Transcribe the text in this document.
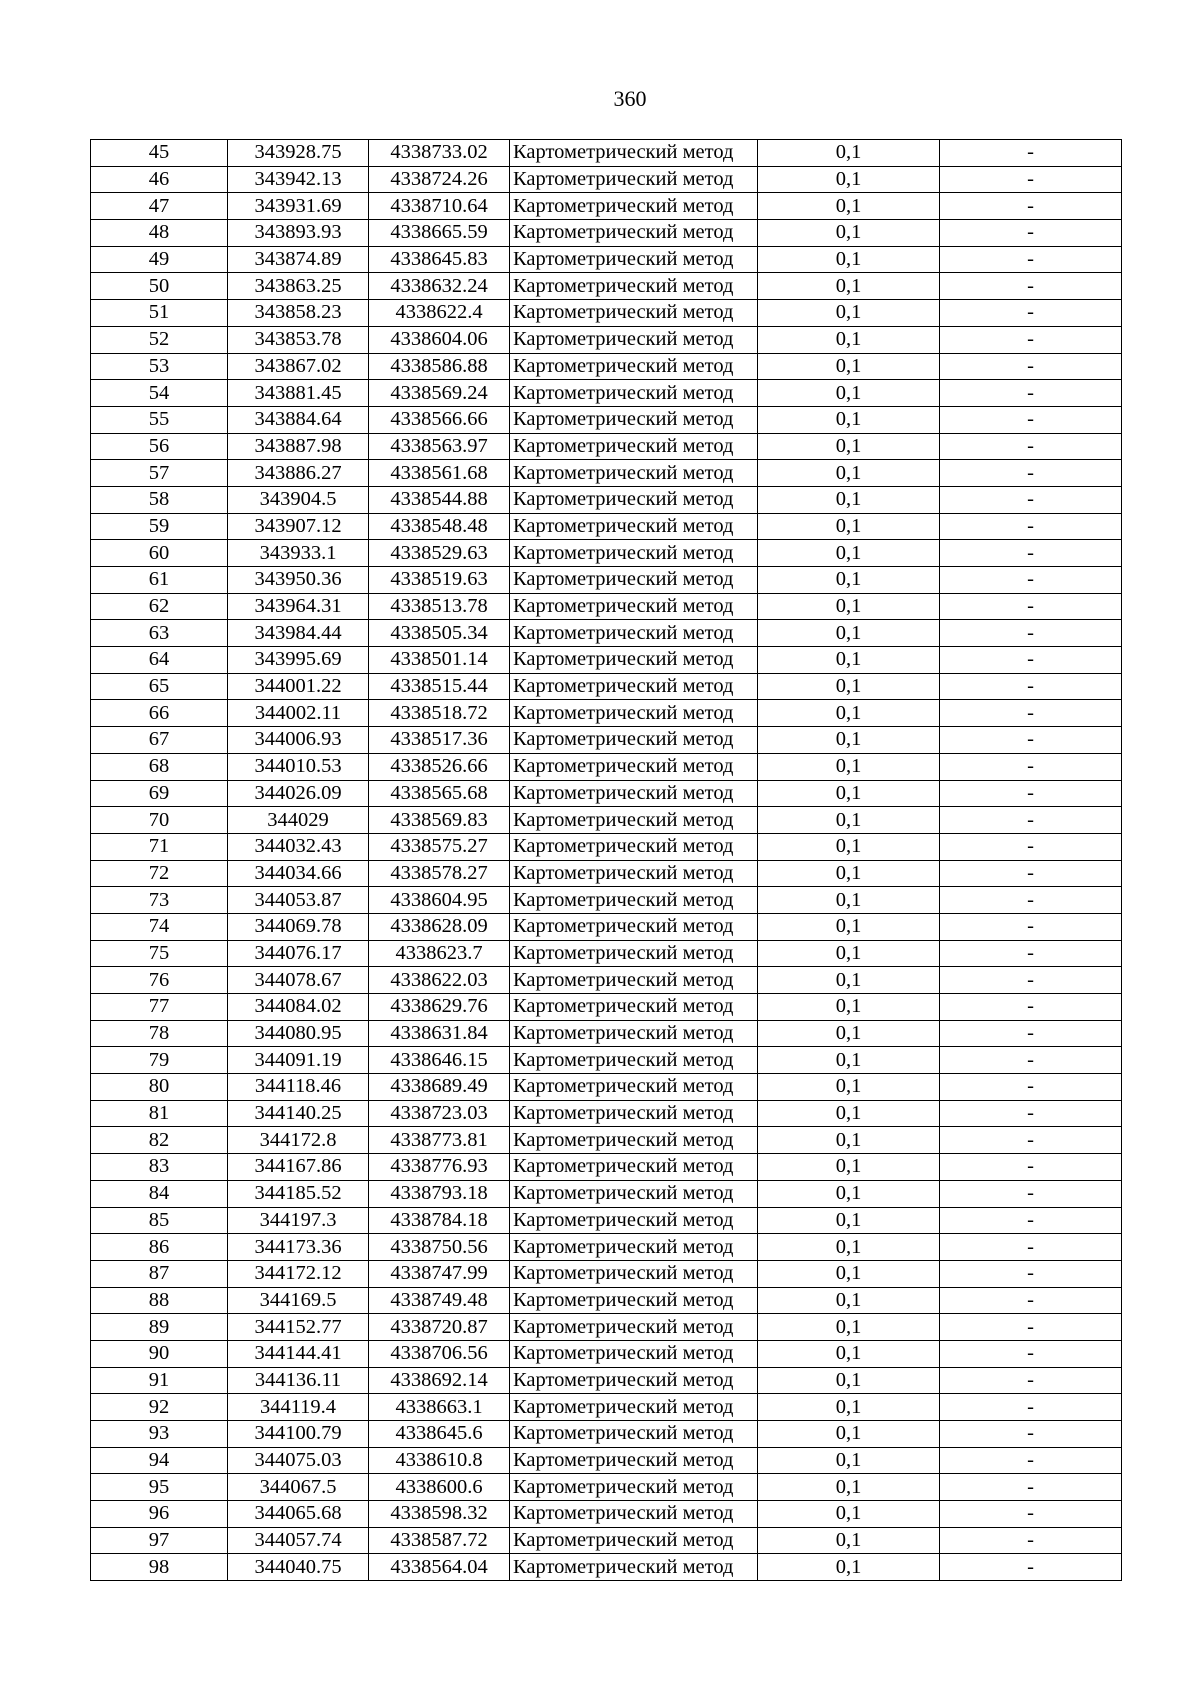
360
45	343928.75	4338733.02	Картометрический метод	0,1	-
46	343942.13	4338724.26	Картометрический метод	0,1	-
47	343931.69	4338710.64	Картометрический метод	0,1	-
48	343893.93	4338665.59	Картометрический метод	0,1	-
49	343874.89	4338645.83	Картометрический метод	0,1	-
50	343863.25	4338632.24	Картометрический метод	0,1	-
51	343858.23	4338622.4	Картометрический метод	0,1	-
52	343853.78	4338604.06	Картометрический метод	0,1	-
53	343867.02	4338586.88	Картометрический метод	0,1	-
54	343881.45	4338569.24	Картометрический метод	0,1	-
55	343884.64	4338566.66	Картометрический метод	0,1	-
56	343887.98	4338563.97	Картометрический метод	0,1	-
57	343886.27	4338561.68	Картометрический метод	0,1	-
58	343904.5	4338544.88	Картометрический метод	0,1	-
59	343907.12	4338548.48	Картометрический метод	0,1	-
60	343933.1	4338529.63	Картометрический метод	0,1	-
61	343950.36	4338519.63	Картометрический метод	0,1	-
62	343964.31	4338513.78	Картометрический метод	0,1	-
63	343984.44	4338505.34	Картометрический метод	0,1	-
64	343995.69	4338501.14	Картометрический метод	0,1	-
65	344001.22	4338515.44	Картометрический метод	0,1	-
66	344002.11	4338518.72	Картометрический метод	0,1	-
67	344006.93	4338517.36	Картометрический метод	0,1	-
68	344010.53	4338526.66	Картометрический метод	0,1	-
69	344026.09	4338565.68	Картометрический метод	0,1	-
70	344029	4338569.83	Картометрический метод	0,1	-
71	344032.43	4338575.27	Картометрический метод	0,1	-
72	344034.66	4338578.27	Картометрический метод	0,1	-
73	344053.87	4338604.95	Картометрический метод	0,1	-
74	344069.78	4338628.09	Картометрический метод	0,1	-
75	344076.17	4338623.7	Картометрический метод	0,1	-
76	344078.67	4338622.03	Картометрический метод	0,1	-
77	344084.02	4338629.76	Картометрический метод	0,1	-
78	344080.95	4338631.84	Картометрический метод	0,1	-
79	344091.19	4338646.15	Картометрический метод	0,1	-
80	344118.46	4338689.49	Картометрический метод	0,1	-
81	344140.25	4338723.03	Картометрический метод	0,1	-
82	344172.8	4338773.81	Картометрический метод	0,1	-
83	344167.86	4338776.93	Картометрический метод	0,1	-
84	344185.52	4338793.18	Картометрический метод	0,1	-
85	344197.3	4338784.18	Картометрический метод	0,1	-
86	344173.36	4338750.56	Картометрический метод	0,1	-
87	344172.12	4338747.99	Картометрический метод	0,1	-
88	344169.5	4338749.48	Картометрический метод	0,1	-
89	344152.77	4338720.87	Картометрический метод	0,1	-
90	344144.41	4338706.56	Картометрический метод	0,1	-
91	344136.11	4338692.14	Картометрический метод	0,1	-
92	344119.4	4338663.1	Картометрический метод	0,1	-
93	344100.79	4338645.6	Картометрический метод	0,1	-
94	344075.03	4338610.8	Картометрический метод	0,1	-
95	344067.5	4338600.6	Картометрический метод	0,1	-
96	344065.68	4338598.32	Картометрический метод	0,1	-
97	344057.74	4338587.72	Картометрический метод	0,1	-
98	344040.75	4338564.04	Картометрический метод	0,1	-
